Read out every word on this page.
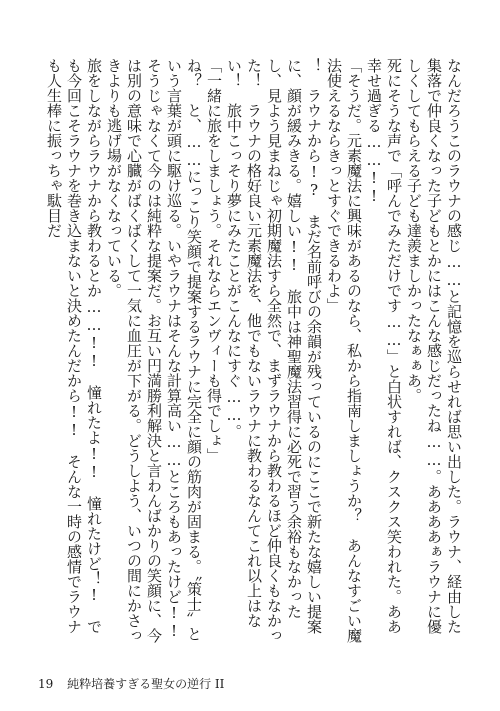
なんだろうこのラウナの感じ……と記憶を巡らせれば思い出した。ラウナ、経由した集落で仲良くなった子どもとかにはこんな感じだったね……。ああああぁラウナに優しくしてもらえる子ども達羨ましかったなぁぁあ。

死にそうな声で「呼んでみただけです……」と白状すれば、クスクス笑われた。ああ幸せ過ぎる……!!

「そうだ。元素魔法に興味があるのなら、私から指南しましょうか？　あんなすごい魔法使えるならきっとすぐできるわよ」

！　ラウナから!?　まだ名前呼びの余韻が残っているのにここで新たな嬉しい提案に、顔が緩みきる。嬉しい!!　旅中は神聖魔法習得に必死で習う余裕もなかったし、見よう見まねじゃ初期魔法すら全然で、まずラウナから教わるほど仲良くもなかった！　ラウナの格好良い元素魔法を、他でもないラウナに教わるなんてこれ以上はない！　旅中こっそり夢にみたことがこんなにすぐ……。

「一緒に旅をしましょう。それならエンヴィーも得でしょ」

ね？　と、……にっこり笑顔で提案するラウナに完全に顔の筋肉が固まる。〝策士〟という言葉が頭に駆け巡る。いやラウナはそんな計算高い……ところもあったけど!!　そうじゃなくて今のは純粋な提案だ。お互い円満勝利解決と言わんばかりの笑顔に、今は別の意味で心臓がばくばくして一気に血圧が下がる。どうしよう、いつの間にかさっきよりも逃げ場がなくなっている。

旅をしながらラウナから教わるとか……!!　憧れたよ!!　憧れたけど！!　でも今回こそラウナを巻き込まないと決めたんだから!!　そんな一時の感情でラウナも人生棒に振っちゃ駄目だ

19 純粋培養すぎる聖女の逆行 II
